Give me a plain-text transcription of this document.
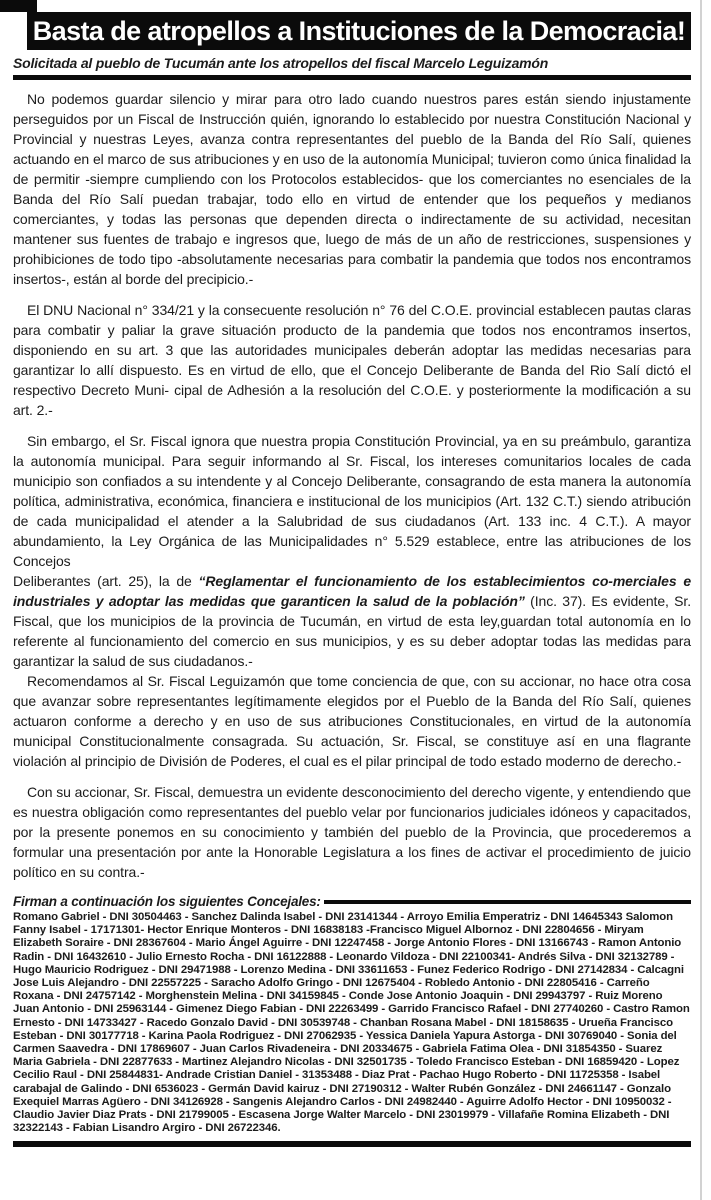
Basta de atropellos a Instituciones de la Democracia!
Solicitada al pueblo de Tucumán ante los atropellos del fiscal Marcelo Leguizamón

No podemos guardar silencio y mirar para otro lado cuando nuestros pares están siendo injustamente perseguidos por un Fiscal de Instrucción quién, ignorando lo establecido por nuestra Constitución Nacional y Provincial y nuestras Leyes, avanza contra representantes del pueblo de la Banda del Río Salí, quienes actuando en el marco de sus atribuciones y en uso de la autonomía Municipal; tuvieron como única finalidad la de permitir -siempre cumpliendo con los Protocolos establecidos- que los comerciantes no esenciales de la Banda del Río Salí puedan trabajar, todo ello en virtud de entender que los pequeños y medianos comerciantes, y todas las personas que dependen directa o indirectamente de su actividad, necesitan mantener sus fuentes de trabajo e ingresos que, luego de más de un año de restricciones, suspensiones y prohibiciones de todo tipo -absolutamente necesarias para combatir la pandemia que todos nos encontramos insertos-, están al borde del precipicio.-

El DNU Nacional n° 334/21 y la consecuente resolución n° 76 del C.O.E. provincial establecen pautas claras para combatir y paliar la grave situación producto de la pandemia que todos nos encontramos insertos, disponiendo en su art. 3 que las autoridades municipales deberán adoptar las medidas necesarias para garantizar lo allí dispuesto. Es en virtud de ello, que el Concejo Deliberante de Banda del Rio Salí dictó el respectivo Decreto Muni- cipal de Adhesión a la resolución del C.O.E. y posteriormente la modificación a su art. 2.-

Sin embargo, el Sr. Fiscal ignora que nuestra propia Constitución Provincial, ya en su preámbulo, garantiza la autonomía municipal. Para seguir informando al Sr. Fiscal, los intereses comunitarios locales de cada municipio son confiados a su intendente y al Concejo Deliberante, consagrando de esta manera la autonomía política, administrativa, económica, financiera e institucional de los municipios (Art. 132 C.T.) siendo atribución de cada municipalidad el atender a la Salubridad de sus ciudadanos (Art. 133 inc. 4 C.T.). A mayor abundamiento, la Ley Orgánica de las Municipalidades n° 5.529 establece, entre las atribuciones de los Concejos

Deliberantes (art. 25), la de “Reglamentar el funcionamiento de los establecimientos co-merciales e industriales y adoptar las medidas que garanticen la salud de la población” (Inc. 37). Es evidente, Sr. Fiscal, que los municipios de la provincia de Tucumán, en virtud de esta ley,guardan total autonomía en lo referente al funcionamiento del comercio en sus municipios, y es su deber adoptar todas las medidas para garantizar la salud de sus ciudadanos.-

Recomendamos al Sr. Fiscal Leguizamón que tome conciencia de que, con su accionar, no hace otra cosa que avanzar sobre representantes legítimamente elegidos por el Pueblo de la Banda del Río Salí, quienes actuaron conforme a derecho y en uso de sus atribuciones Constitucionales, en virtud de la autonomía municipal Constitucionalmente consagrada. Su actuación, Sr. Fiscal, se constituye así en una flagrante violación al principio de División de Poderes, el cual es el pilar principal de todo estado moderno de derecho.-

Con su accionar, Sr. Fiscal, demuestra un evidente desconocimiento del derecho vigente, y entendiendo que es nuestra obligación como representantes del pueblo velar por funcionarios judiciales idóneos y capacitados, por la presente ponemos en su conocimiento y también del pueblo de la Provincia, que procederemos a formular una presentación por ante la Honorable Legislatura a los fines de activar el procedimiento de juicio político en su contra.-

Firman a continuación los siguientes Concejales:
Romano Gabriel - DNI 30504463 - Sanchez Dalinda Isabel - DNI 23141344 - Arroyo Emilia Emperatriz - DNI 14645343 Salomon Fanny Isabel - 17171301- Hector Enrique Monteros - DNI 16838183 -Francisco Miguel Albornoz - DNI 22804656 - Miryam Elizabeth Soraire - DNI 28367604 - Mario Ángel Aguirre - DNI 12247458 - Jorge Antonio Flores - DNI 13166743 - Ramon Antonio Radin - DNI 16432610 - Julio Ernesto Rocha - DNI 16122888 - Leonardo Vildoza - DNI 22100341- Andrés Silva - DNI 32132789 - Hugo Mauricio Rodriguez - DNI 29471988 - Lorenzo Medina - DNI 33611653 - Funez Federico Rodrigo - DNI 27142834 - Calcagni Jose Luis Alejandro - DNI 22557225 - Saracho Adolfo Gringo - DNI 12675404 - Robledo Antonio - DNI 22805416 - Carreño Roxana - DNI 24757142 - Morghenstein Melina - DNI 34159845 - Conde Jose Antonio Joaquin - DNI 29943797 - Ruiz Moreno Juan Antonio - DNI 25963144 - Gimenez Diego Fabian - DNI 22263499 - Garrido Francisco Rafael - DNI 27740260 - Castro Ramon Ernesto - DNI 14733427 - Racedo Gonzalo David - DNI 30539748 - Chanban Rosana Mabel - DNI 18158635 - Urueña Francisco Esteban - DNI 30177718 - Karina Paola Rodriguez - DNI 27062935 - Yessica Daniela Yapura Astorga - DNI 30769040 - Sonia del Carmen Saavedra - DNI 17869607 - Juan Carlos Rivadeneira - DNI 20334675 - Gabriela Fatima Olea - DNI 31854350 - Suarez Maria Gabriela - DNI 22877633 - Martinez Alejandro Nicolas - DNI 32501735 - Toledo Francisco Esteban - DNI 16859420 - Lopez Cecilio Raul - DNI 25844831- Andrade Cristian Daniel - 31353488 - Diaz Prat - Pachao Hugo Roberto - DNI 11725358 - Isabel carabajal de Galindo - DNI 6536023 - Germán David kairuz - DNI 27190312 - Walter Rubén González - DNI 24661147 - Gonzalo Exequiel Marras Agüero - DNI 34126928 - Sangenis Alejandro Carlos - DNI 24982440 - Aguirre Adolfo Hector - DNI 10950032 - Claudio Javier Diaz Prats - DNI 21799005 - Escasena Jorge Walter Marcelo - DNI 23019979 - Villafañe Romina Elizabeth - DNI 32322143 - Fabian Lisandro Argiro - DNI 26722346.
